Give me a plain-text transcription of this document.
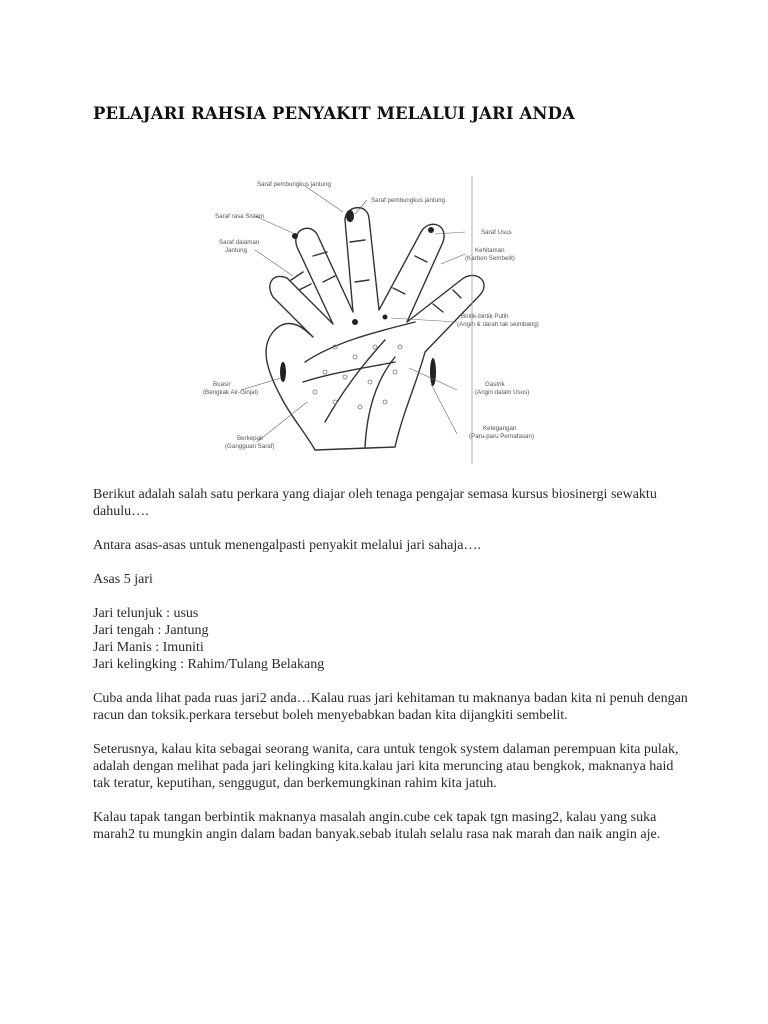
PELAJARI RAHSIA PENYAKIT MELALUI JARI ANDA
Saraf pembungkus jantung
Saraf pembungkus jantung
Saraf rasa Sistem
Saraf dalaman
Jantung
Saraf Usus
Kehitaman
(Karbon Sembelit)
Bintik-bintik Putih
(Angin & darah tak seimbang)
Gastrik
(Angin dalam Usus)
Ketegangan
(Paru-paru Pernafasan)
Buasir
(Bengkak Air-Ginjal)
Berkepak
(Gangguan Saraf)

Berikut adalah salah satu perkara yang diajar oleh tenaga pengajar semasa kursus biosinergi sewaktu dahulu….

Antara asas-asas untuk menengalpasti penyakit melalui jari sahaja….

Asas 5 jari

Jari telunjuk : usus
Jari tengah : Jantung
Jari Manis : Imuniti
Jari kelingking : Rahim/Tulang Belakang

Cuba anda lihat pada ruas jari2 anda…Kalau ruas jari kehitaman tu maknanya badan kita ni penuh dengan racun dan toksik.perkara tersebut boleh menyebabkan badan kita dijangkiti sembelit.

Seterusnya, kalau kita sebagai seorang wanita, cara untuk tengok system dalaman perempuan kita pulak, adalah dengan melihat pada jari kelingking kita.kalau jari kita meruncing atau bengkok, maknanya haid tak teratur, keputihan, senggugut, dan berkemungkinan rahim kita jatuh.

Kalau tapak tangan berbintik maknanya masalah angin.cube cek tapak tgn masing2, kalau yang suka marah2 tu mungkin angin dalam badan banyak.sebab itulah selalu rasa nak marah dan naik angin aje.
